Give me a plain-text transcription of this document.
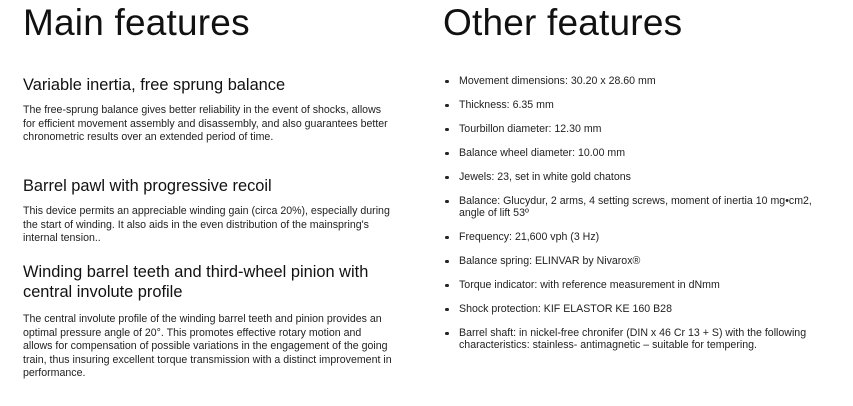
Main features
Variable inertia, free sprung balance

The free-sprung balance gives better reliability in the event of shocks, allows for efficient movement assembly and disassembly, and also guarantees better chronometric results over an extended period of time.

Barrel pawl with progressive recoil

This device permits an appreciable winding gain (circa 20%), especially during the start of winding. It also aids in the even distribution of the mainspring's internal tension..

Winding barrel teeth and third-wheel pinion with central involute profile

The central involute profile of the winding barrel teeth and pinion provides an optimal pressure angle of 20°. This promotes effective rotary motion and allows for compensation of possible variations in the engagement of the going train, thus insuring excellent torque transmission with a distinct improvement in performance.

Other features
Movement dimensions: 30.20 x 28.60 mm
Thickness: 6.35 mm
Tourbillon diameter: 12.30 mm
Balance wheel diameter: 10.00 mm
Jewels: 23, set in white gold chatons
Balance: Glucydur, 2 arms, 4 setting screws, moment of inertia 10 mg•cm2, angle of lift 53º
Frequency: 21,600 vph (3 Hz)
Balance spring: ELINVAR by Nivarox®
Torque indicator: with reference measurement in dNmm
Shock protection: KIF ELASTOR KE 160 B28
Barrel shaft: in nickel-free chronifer (DIN x 46 Cr 13 + S) with the following characteristics: stainless- antimagnetic – suitable for tempering.
